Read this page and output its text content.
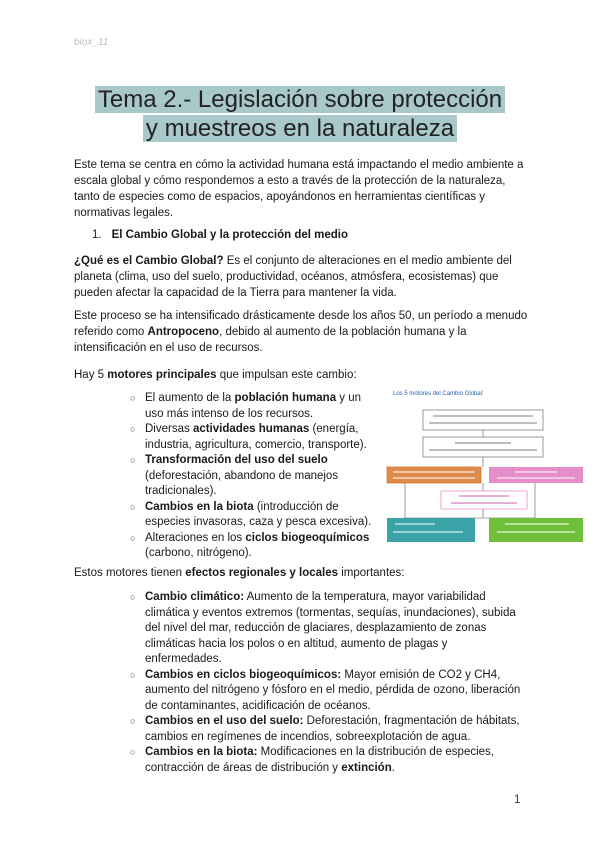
biox_11
Tema 2.- Legislación sobre protección
y muestreos en la naturaleza

Este tema se centra en cómo la actividad humana está impactando el medio ambiente a escala global y cómo respondemos a esto a través de la protección de la naturaleza, tanto de especies como de espacios, apoyándonos en herramientas científicas y normativas legales.

1. El Cambio Global y la protección del medio

¿Qué es el Cambio Global? Es el conjunto de alteraciones en el medio ambiente del planeta (clima, uso del suelo, productividad, océanos, atmósfera, ecosistemas) que pueden afectar la capacidad de la Tierra para mantener la vida.

Este proceso se ha intensificado drásticamente desde los años 50, un período a menudo referido como Antropoceno, debido al aumento de la población humana y la intensificación en el uso de recursos.

Hay 5 motores principales que impulsan este cambio:

○ El aumento de la población humana y un uso más intenso de los recursos.
○ Diversas actividades humanas (energía, industria, agricultura, comercio, transporte).
○ Transformación del uso del suelo (deforestación, abandono de manejos tradicionales).
○ Cambios en la biota (introducción de especies invasoras, caza y pesca excesiva).
○ Alteraciones en los ciclos biogeoquímicos (carbono, nitrógeno).
Los 5 motores del Cambio Global:

Estos motores tienen efectos regionales y locales importantes:

○ Cambio climático: Aumento de la temperatura, mayor variabilidad climática y eventos extremos (tormentas, sequías, inundaciones), subida del nivel del mar, reducción de glaciares, desplazamiento de zonas climáticas hacia los polos o en altitud, aumento de plagas y enfermedades.
○ Cambios en ciclos biogeoquímicos: Mayor emisión de CO2 y CH4, aumento del nitrógeno y fósforo en el medio, pérdida de ozono, liberación de contaminantes, acidificación de océanos.
○ Cambios en el uso del suelo: Deforestación, fragmentación de hábitats, cambios en regímenes de incendios, sobreexplotación de agua.
○ Cambios en la biota: Modificaciones en la distribución de especies, contracción de áreas de distribución y extinción.
1
